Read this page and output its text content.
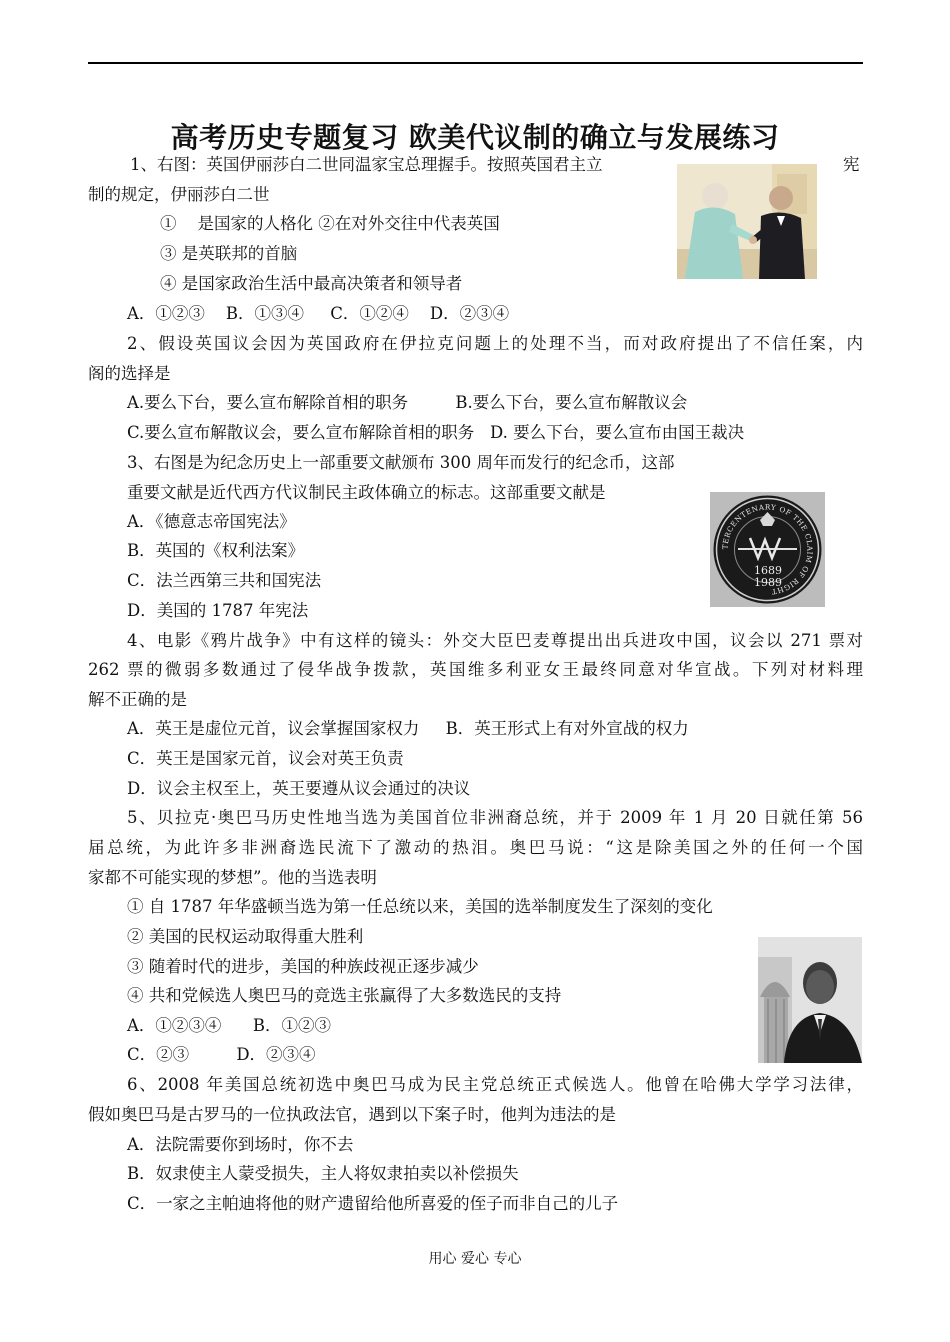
高考历史专题复习 欧美代议制的确立与发展练习
1、右图：英国伊丽莎白二世同温家宝总理握手。按照英国君主立	宪
制的规定，伊丽莎白二世
①    是国家的人格化 ②在对外交往中代表英国
③ 是英联邦的首脑
④ 是国家政治生活中最高决策者和领导者
A．①②③    B．①③④     C．①②④    D．②③④
2、假设英国议会因为英国政府在伊拉克问题上的处理不当，而对政府提出了不信任案，内
阁的选择是
A.要么下台，要么宣布解除首相的职务         B.要么下台，要么宣布解散议会
C.要么宣布解散议会，要么宣布解除首相的职务   D. 要么下台，要么宣布由国王裁决
3、右图是为纪念历史上一部重要文献颁布 300 周年而发行的纪念币，这部
重要文献是近代西方代议制民主政体确立的标志。这部重要文献是
A．《德意志帝国宪法》
B．英国的《权利法案》
C．法兰西第三共和国宪法
D．美国的 1787 年宪法
TERCENTENARY OF THE CLAIM OF RIGHT
1689
1989
4、电影《鸦片战争》中有这样的镜头：外交大臣巴麦尊提出出兵进攻中国，议会以 271 票对
262 票的微弱多数通过了侵华战争拨款，英国维多利亚女王最终同意对华宣战。下列对材料理
解不正确的是
A．英王是虚位元首，议会掌握国家权力     B．英王形式上有对外宣战的权力
C．英王是国家元首，议会对英王负责
D．议会主权至上，英王要遵从议会通过的决议
5、贝拉克·奥巴马历史性地当选为美国首位非洲裔总统，并于 2009 年 1 月 20 日就任第 56
届总统，为此许多非洲裔选民流下了激动的热泪。奥巴马说：“这是除美国之外的任何一个国
家都不可能实现的梦想”。他的当选表明
① 自 1787 年华盛顿当选为第一任总统以来，美国的选举制度发生了深刻的变化
② 美国的民权运动取得重大胜利
③ 随着时代的进步，美国的种族歧视正逐步减少
④ 共和党候选人奥巴马的竞选主张赢得了大多数选民的支持
A．①②③④      B．①②③
C．②③         D．②③④
6、2008 年美国总统初选中奥巴马成为民主党总统正式候选人。他曾在哈佛大学学习法律，
假如奥巴马是古罗马的一位执政法官，遇到以下案子时，他判为违法的是
A．法院需要你到场时，你不去
B．奴隶使主人蒙受损失，主人将奴隶拍卖以补偿损失
C．一家之主帕迪将他的财产遗留给他所喜爱的侄子而非自己的儿子
用心 爱心 专心
